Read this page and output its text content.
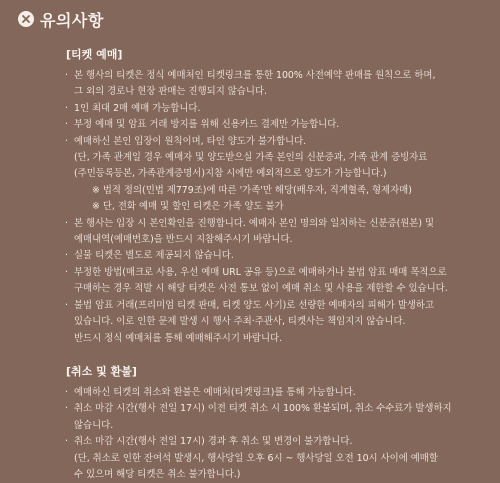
유의사항
[티켓 예매]
· 본 행사의 티켓은 정식 예매처인 티켓링크를 통한 100% 사전예약 판매를 원칙으로 하며,
그 외의 경로나 현장 판매는 진행되지 않습니다.
· 1인 최대 2매 예매 가능합니다.
· 부정 예매 및 암표 거래 방지를 위해 신용카드 결제만 가능합니다.
· 예매하신 본인 입장이 원칙이며, 타인 양도가 불가합니다.
(단, 가족 관계일 경우 예매자 및 양도받으실 가족 본인의 신분증과, 가족 관계 증빙자료
(주민등록등본, 가족관계증명서)지참 시에만 예외적으로 양도가 가능합니다.)
※ 법적 정의(민법 제779조)에 따른 '가족'만 해당(배우자, 직계혈족, 형제자매)
※ 단, 전화 예매 및 할인 티켓은 가족 양도 불가
· 본 행사는 입장 시 본인확인을 진행합니다. 예매자 본인 명의와 일치하는 신분증(원본) 및
예매내역(예매번호)을 반드시 지참해주시기 바랍니다.
· 실물 티켓은 별도로 제공되지 않습니다.
· 부정한 방법(매크로 사용, 우선 예매 URL 공유 등)으로 예매하거나 불법 암표 매매 목적으로
구매하는 경우 적발 시 해당 티켓은 사전 통보 없이 예매 취소 및 사용을 제한할 수 있습니다.
· 불법 암표 거래(프리미엄 티켓 판매, 티켓 양도 사기)로 선량한 예매자의 피해가 발생하고
있습니다. 이로 인한 문제 발생 시 행사 주최·주관사, 티켓사는 책임지지 않습니다.
반드시 정식 예매처를 통해 예매해주시기 바랍니다.
[취소 및 환불]
· 예매하신 티켓의 취소와 환불은 예매처(티켓링크)를 통해 가능합니다.
· 취소 마감 시간(행사 전일 17시) 이전 티켓 취소 시 100% 환불되며, 취소 수수료가 발생하지
않습니다.
· 취소 마감 시간(행사 전일 17시) 경과 후 취소 및 변경이 불가합니다.
(단, 취소로 인한 잔여석 발생시, 행사당일 오후 6시 ~ 행사당일 오전 10시 사이에 예매할
수 있으며 해당 티켓은 취소 불가합니다.)
